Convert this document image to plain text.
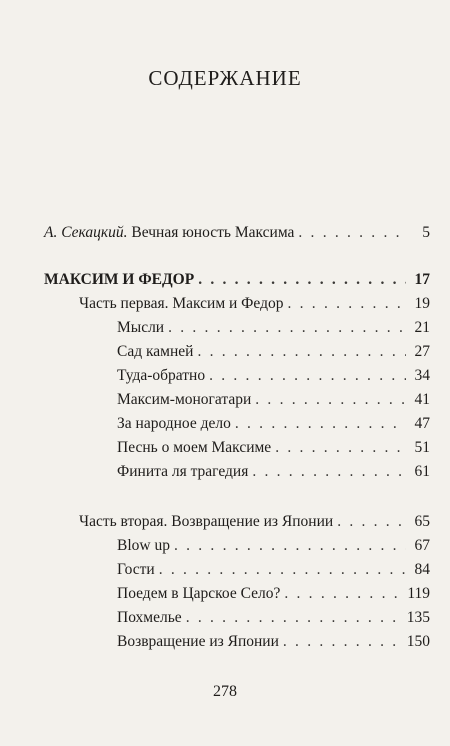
СОДЕРЖАНИЕ
А. Секацкий. Вечная юность Максима . . .	5
МАКСИМ И ФЕДОР . . .	17
Часть первая. Максим и Федор . . .	19
Мысли . . .	21
Сад камней . . .	27
Туда-обратно . . .	34
Максим-моногатари . . .	41
За народное дело . . .	47
Песнь о моем Максиме . . .	51
Финита ля трагедия . . .	61
Часть вторая. Возвращение из Японии . . .	65
Blow up . . .	67
Гости . . .	84
Поедем в Царское Село? . . .	119
Похмелье . . .	135
Возвращение из Японии . . .	150
278
